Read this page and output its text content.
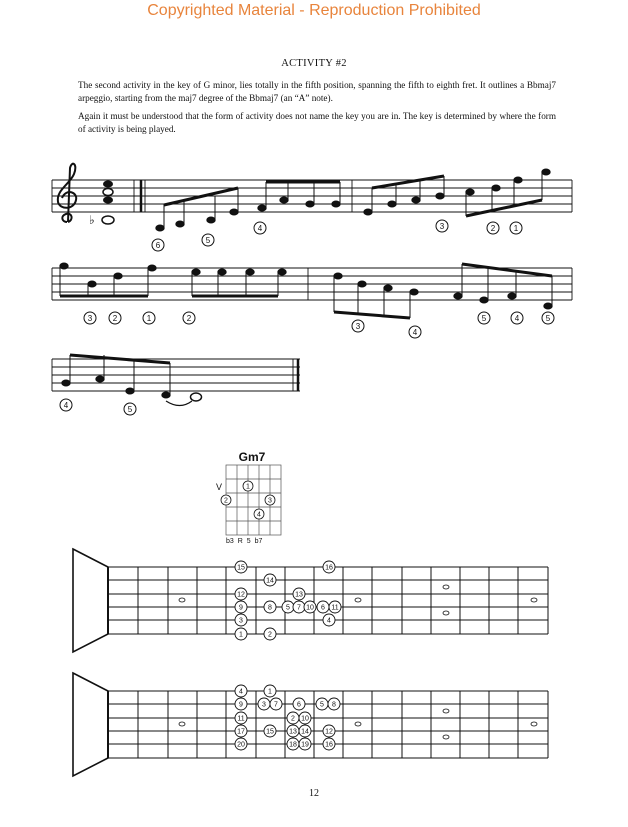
Copyrighted Material - Reproduction Prohibited
ACTIVITY #2
The second activity in the key of G minor, lies totally in the fifth position, spanning the fifth to eighth fret. It outlines a Bbmaj7 arpeggio, starting from the maj7 degree of the Bbmaj7 (an “A” note).
Again it must be understood that the form of activity does not name the key you are in. The key is determined by where the form of activity is being played.
♭
6
5
4	3	2 1
3	2	1	2
3
4
5	4	5
4	5
Gm7
V
b3 R 5 b7
1
2	3
4
15	16
14
12	13
9	8 5 7 10 6 11
3	4
1	2
4	1
9	3 7	6	5 8
11	2 10
17	15 13 14 12
20	18 19 16
12
